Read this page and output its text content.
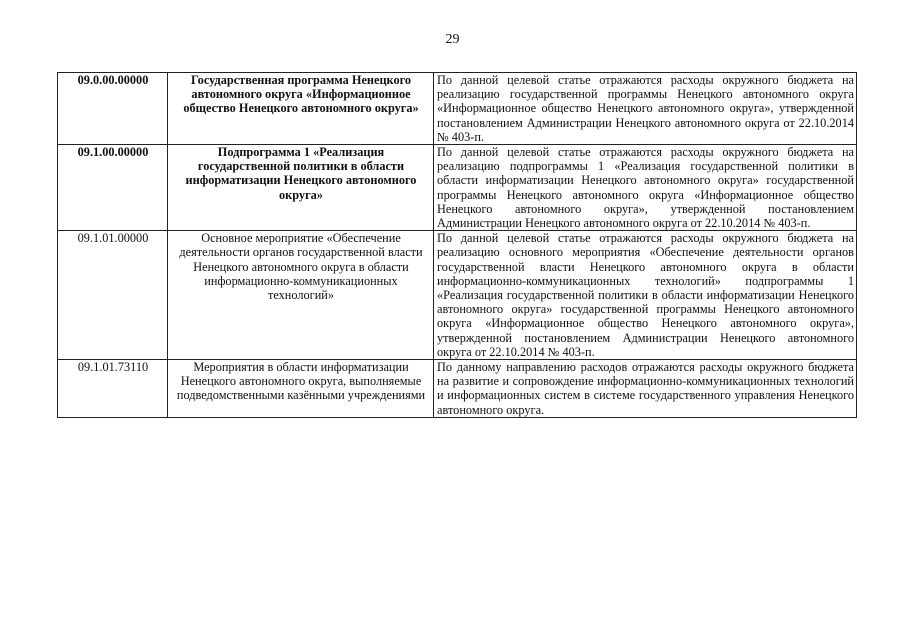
29
09.0.00.00000	Государственная программа Ненецкого автономного округа «Информационное общество Ненецкого автономного округа»	По данной целевой статье отражаются расходы окружного бюджета на реализацию государственной программы Ненецкого автономного округа «Информационное общество Ненецкого автономного округа», утвержденной постановлением Администрации Ненецкого автономного округа от 22.10.2014 № 403-п.
09.1.00.00000	Подпрограмма 1 «Реализация государственной политики в области информатизации Ненецкого автономного округа»	По данной целевой статье отражаются расходы окружного бюджета на реализацию подпрограммы 1 «Реализация государственной политики в области информатизации Ненецкого автономного округа» государственной программы Ненецкого автономного округа «Информационное общество Ненецкого автономного округа», утвержденной постановлением Администрации Ненецкого автономного округа от 22.10.2014 № 403-п.
09.1.01.00000	Основное мероприятие «Обеспечение деятельности органов государственной власти Ненецкого автономного округа в области информационно-коммуникационных технологий»	По данной целевой статье отражаются расходы окружного бюджета на реализацию основного мероприятия «Обеспечение деятельности органов государственной власти Ненецкого автономного округа в области информационно-коммуникационных технологий» подпрограммы 1 «Реализация государственной политики в области информатизации Ненецкого автономного округа» государственной программы Ненецкого автономного округа «Информационное общество Ненецкого автономного округа», утвержденной постановлением Администрации Ненецкого автономного округа от 22.10.2014 № 403-п.
09.1.01.73110	Мероприятия в области информатизации Ненецкого автономного округа, выполняемые подведомственными казёнными учреждениями	По данному направлению расходов отражаются расходы окружного бюджета на развитие и сопровождение информационно-коммуникационных технологий и информационных систем в системе государственного управления Ненецкого автономного округа.
